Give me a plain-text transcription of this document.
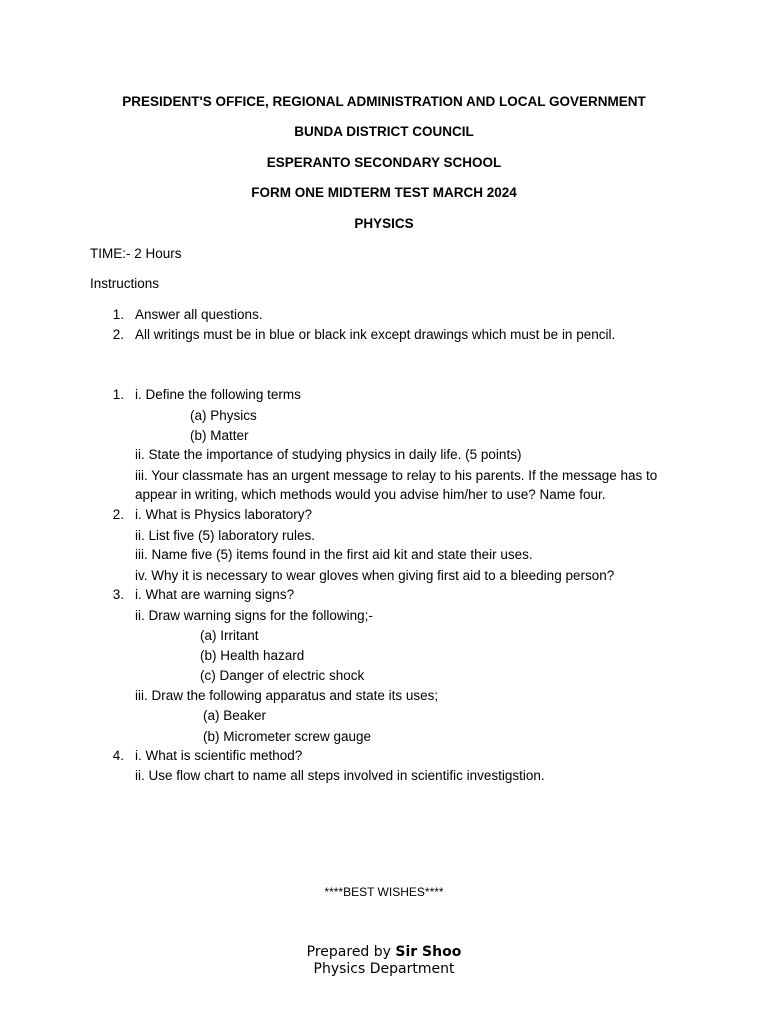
PRESIDENT'S OFFICE, REGIONAL ADMINISTRATION AND LOCAL GOVERNMENT
BUNDA DISTRICT COUNCIL
ESPERANTO SECONDARY SCHOOL
FORM ONE MIDTERM TEST MARCH 2024
PHYSICS
TIME:- 2 Hours
Instructions
1. Answer all questions.
2. All writings must be in blue or black ink except drawings which must be in pencil.
1. i. Define the following terms
(a) Physics
(b) Matter
ii. State the importance of studying physics in daily life. (5 points)
iii. Your classmate has an urgent message to relay to his parents. If the message has to
appear in writing, which methods would you advise him/her to use? Name four.
2. i. What is Physics laboratory?
ii. List five (5) laboratory rules.
iii. Name five (5) items found in the first aid kit and state their uses.
iv. Why it is necessary to wear gloves when giving first aid to a bleeding person?
3. i. What are warning signs?
ii. Draw warning signs for the following;-
(a) Irritant
(b) Health hazard
(c) Danger of electric shock
iii. Draw the following apparatus and state its uses;
(a) Beaker
(b) Micrometer screw gauge
4. i. What is scientific method?
ii. Use flow chart to name all steps involved in scientific investigstion.
****BEST WISHES****
Prepared by Sir Shoo
Physics Department
